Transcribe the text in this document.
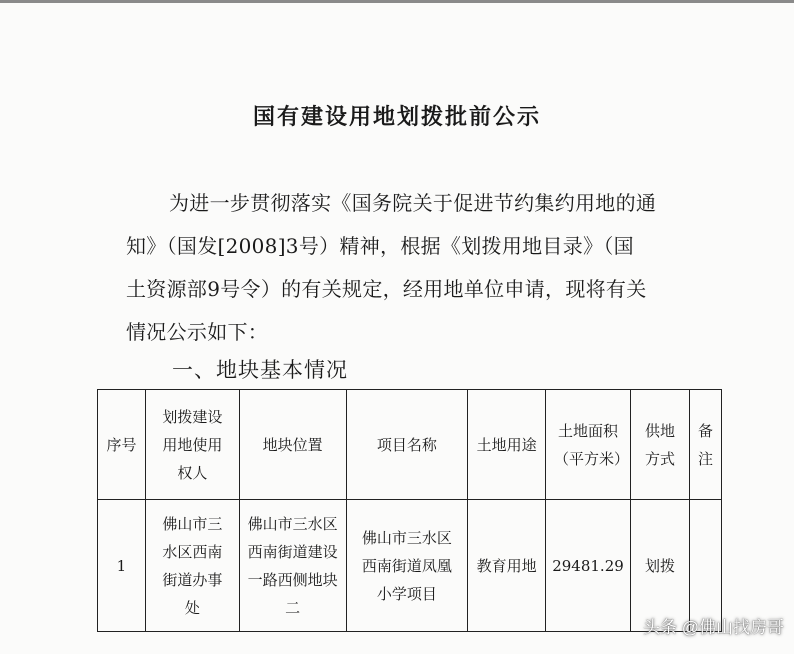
国有建设用地划拨批前公示

为进一步贯彻落实《国务院关于促进节约集约用地的通

知》（国发[2008]3号）精神，根据《划拨用地目录》（国

土资源部9号令）的有关规定，经用地单位申请，现将有关

情况公示如下：

一、地块基本情况
序号	划拨建设用地使用权人	地块位置	项目名称	土地用途	土地面积（平方米）	供地方式	备注
1	佛山市三水区西南街道办事处	佛山市三水区西南街道建设一路西侧地块二	佛山市三水区西南街道凤凰小学项目	教育用地	29481.29	划拨	
头条 @佛山找房哥
